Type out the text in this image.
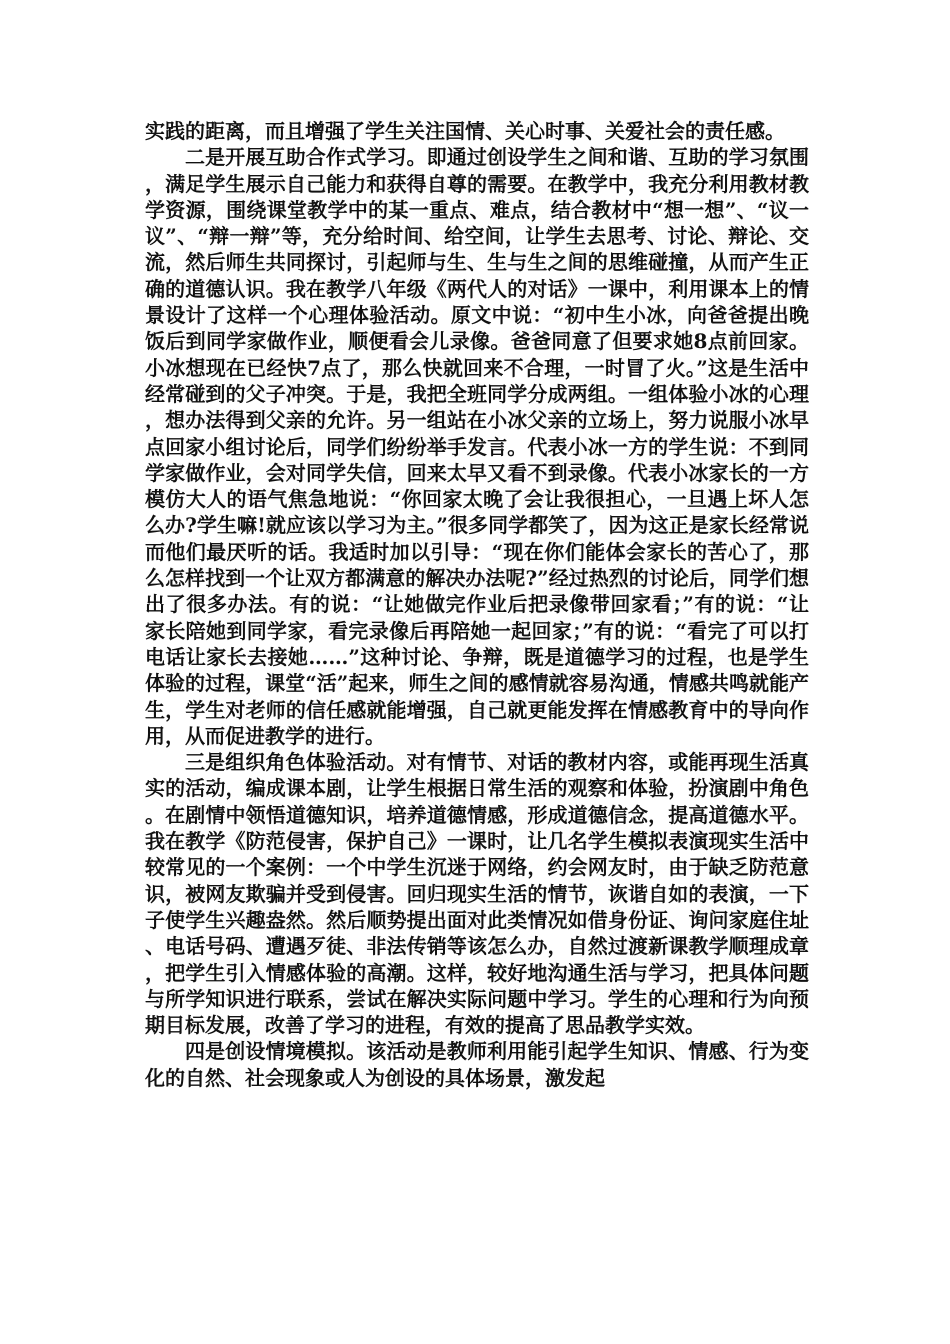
实践的距离，而且增强了学生关注国情、关心时事、关爱社会的责任感。

二是开展互助合作式学习。即通过创设学生之间和谐、互助的学习氛围，满足学生展示自己能力和获得自尊的需要。在教学中，我充分利用教材教学资源，围绕课堂教学中的某一重点、难点，结合教材中“想一想”、“议一议”、“辩一辩”等，充分给时间、给空间，让学生去思考、讨论、辩论、交流，然后师生共同探讨，引起师与生、生与生之间的思维碰撞，从而产生正确的道德认识。我在教学八年级《两代人的对话》一课中，利用课本上的情景设计了这样一个心理体验活动。原文中说：“初中生小冰，向爸爸提出晚饭后到同学家做作业，顺便看会儿录像。爸爸同意了但要求她8点前回家。小冰想现在已经快7点了，那么快就回来不合理，一时冒了火。”这是生活中经常碰到的父子冲突。于是，我把全班同学分成两组。一组体验小冰的心理，想办法得到父亲的允许。另一组站在小冰父亲的立场上，努力说服小冰早点回家小组讨论后，同学们纷纷举手发言。代表小冰一方的学生说：不到同学家做作业，会对同学失信，回来太早又看不到录像。代表小冰家长的一方模仿大人的语气焦急地说：“你回家太晚了会让我很担心，一旦遇上坏人怎么办?学生嘛!就应该以学习为主。”很多同学都笑了，因为这正是家长经常说而他们最厌听的话。我适时加以引导：“现在你们能体会家长的苦心了，那么怎样找到一个让双方都满意的解决办法呢?”经过热烈的讨论后，同学们想出了很多办法。有的说：“让她做完作业后把录像带回家看；”有的说：“让家长陪她到同学家，看完录像后再陪她一起回家；”有的说：“看完了可以打电话让家长去接她……”这种讨论、争辩，既是道德学习的过程，也是学生体验的过程，课堂“活”起来，师生之间的感情就容易沟通，情感共鸣就能产生，学生对老师的信任感就能增强，自己就更能发挥在情感教育中的导向作用，从而促进教学的进行。

三是组织角色体验活动。对有情节、对话的教材内容，或能再现生活真实的活动，编成课本剧，让学生根据日常生活的观察和体验，扮演剧中角色。在剧情中领悟道德知识，培养道德情感，形成道德信念，提高道德水平。我在教学《防范侵害，保护自己》一课时，让几名学生模拟表演现实生活中较常见的一个案例：一个中学生沉迷于网络，约会网友时，由于缺乏防范意识，被网友欺骗并受到侵害。回归现实生活的情节，诙谐自如的表演，一下子使学生兴趣盎然。然后顺势提出面对此类情况如借身份证、询问家庭住址、电话号码、遭遇歹徒、非法传销等该怎么办，自然过渡新课教学顺理成章，把学生引入情感体验的高潮。这样，较好地沟通生活与学习，把具体问题与所学知识进行联系，尝试在解决实际问题中学习。学生的心理和行为向预期目标发展，改善了学习的进程，有效的提高了思品教学实效。

四是创设情境模拟。该活动是教师利用能引起学生知识、情感、行为变化的自然、社会现象或人为创设的具体场景，激发起
